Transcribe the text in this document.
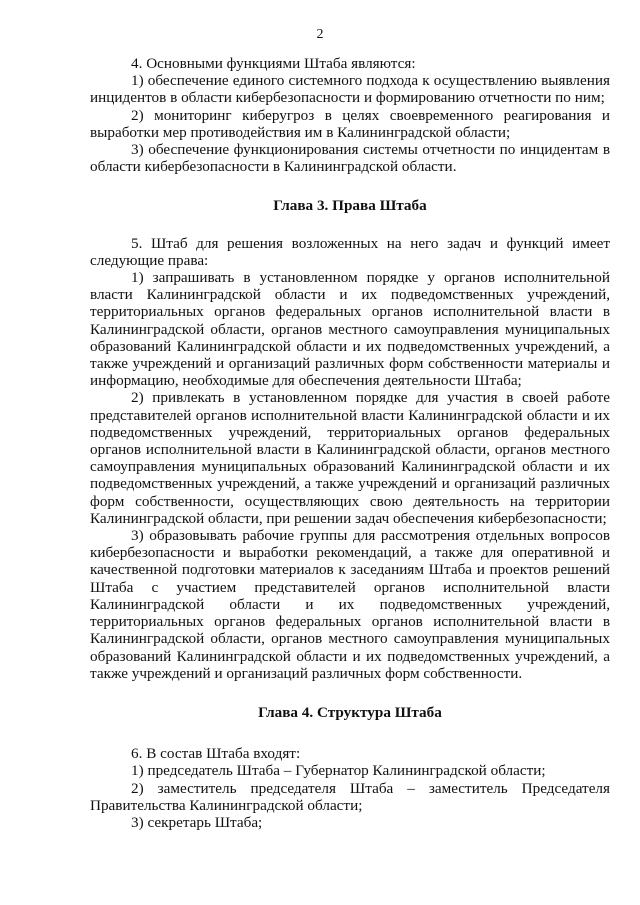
2

4. Основными функциями Штаба являются:

1) обеспечение единого системного подхода к осуществлению выявления инцидентов в области кибербезопасности и формированию отчетности по ним;

2) мониторинг киберугроз в целях своевременного реагирования и выработки мер противодействия им в Калининградской области;

3) обеспечение функционирования системы отчетности по инцидентам в области кибербезопасности в Калининградской области.

Глава 3. Права Штаба

5. Штаб для решения возложенных на него задач и функций имеет следующие права:

1) запрашивать в установленном порядке у органов исполнительной власти Калининградской области и их подведомственных учреждений, территориальных органов федеральных органов исполнительной власти в Калининградской области, органов местного самоуправления муниципальных образований Калининградской области и их подведомственных учреждений, а также учреждений и организаций различных форм собственности материалы и информацию, необходимые для обеспечения деятельности Штаба;

2) привлекать в установленном порядке для участия в своей работе представителей органов исполнительной власти Калининградской области и их подведомственных учреждений, территориальных органов федеральных органов исполнительной власти в Калининградской области, органов местного самоуправления муниципальных образований Калининградской области и их подведомственных учреждений, а также учреждений и организаций различных форм собственности, осуществляющих свою деятельность на территории Калининградской области, при решении задач обеспечения кибербезопасности;

3) образовывать рабочие группы для рассмотрения отдельных вопросов кибербезопасности и выработки рекомендаций, а также для оперативной и качественной подготовки материалов к заседаниям Штаба и проектов решений Штаба с участием представителей органов исполнительной власти Калининградской области и их подведомственных учреждений, территориальных органов федеральных органов исполнительной власти в Калининградской области, органов местного самоуправления муниципальных образований Калининградской области и их подведомственных учреждений, а также учреждений и организаций различных форм собственности.

Глава 4. Структура Штаба

6. В состав Штаба входят:

1) председатель Штаба – Губернатор Калининградской области;

2) заместитель председателя Штаба – заместитель Председателя Правительства Калининградской области;

3) секретарь Штаба;
